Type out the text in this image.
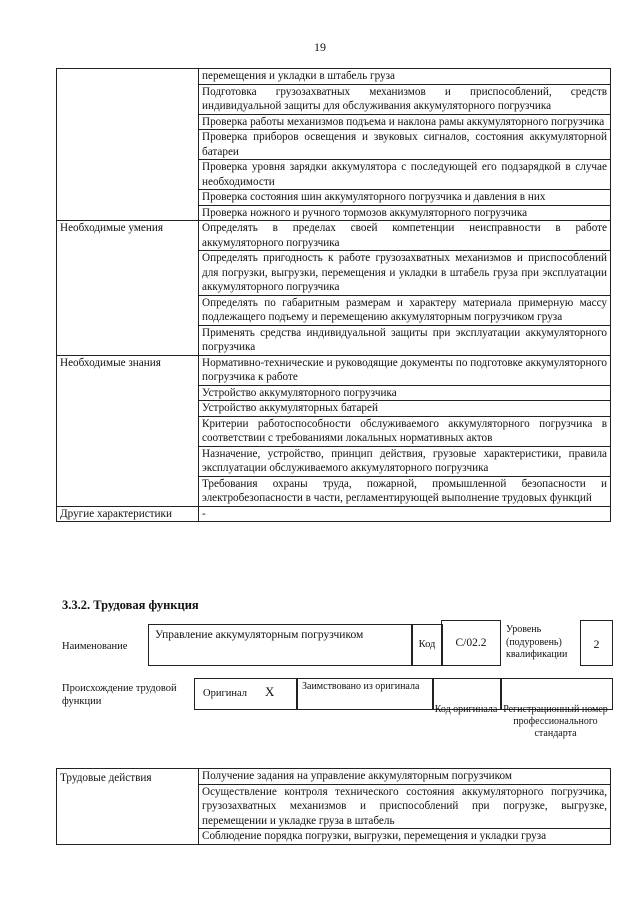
19
	перемещения и укладки в штабель груза
	Подготовка грузозахватных механизмов и приспособлений, средств индивидуальной защиты для обслуживания аккумуляторного погрузчика
	Проверка работы механизмов подъема и наклона рамы аккумуляторного погрузчика
	Проверка приборов освещения и звуковых сигналов, состояния аккумуляторной батареи
	Проверка уровня зарядки аккумулятора с последующей его подзарядкой в случае необходимости
	Проверка состояния шин аккумуляторного погрузчика и давления в них
	Проверка ножного и ручного тормозов аккумуляторного погрузчика
Необходимые умения	Определять в пределах своей компетенции неисправности в работе аккумуляторного погрузчика
	Определять пригодность к работе грузозахватных механизмов и приспособлений для погрузки, выгрузки, перемещения и укладки в штабель груза при эксплуатации аккумуляторного погрузчика
	Определять по габаритным размерам и характеру материала примерную массу подлежащего подъему и перемещению аккумуляторным погрузчиком груза
	Применять средства индивидуальной защиты при эксплуатации аккумуляторного погрузчика
Необходимые знания	Нормативно-технические и руководящие документы по подготовке аккумуляторного погрузчика к работе
	Устройство аккумуляторного погрузчика
	Устройство аккумуляторных батарей
	Критерии работоспособности обслуживаемого аккумуляторного погрузчика в соответствии с требованиями локальных нормативных актов
	Назначение, устройство, принцип действия, грузовые характеристики, правила эксплуатации обслуживаемого аккумуляторного погрузчика
	Требования охраны труда, пожарной, промышленной безопасности и электробезопасности в части, регламентирующей выполнение трудовых функций
Другие характеристики	-
3.3.2. Трудовая функция
Наименование
Управление аккумуляторным погрузчиком
Код	C/02.2
Уровень (подуровень) квалификации
2
Происхождение трудовой функции
Оригинал X	Заимствовано из оригинала
Код оригинала Регистрационный номер профессионального стандарта
Трудовые действия	Получение задания на управление аккумуляторным погрузчиком
Осуществление контроля технического состояния аккумуляторного погрузчика, грузозахватных механизмов и приспособлений при погрузке, выгрузке, перемещении и укладке груза в штабель
Соблюдение порядка погрузки, выгрузки, перемещения и укладки груза
